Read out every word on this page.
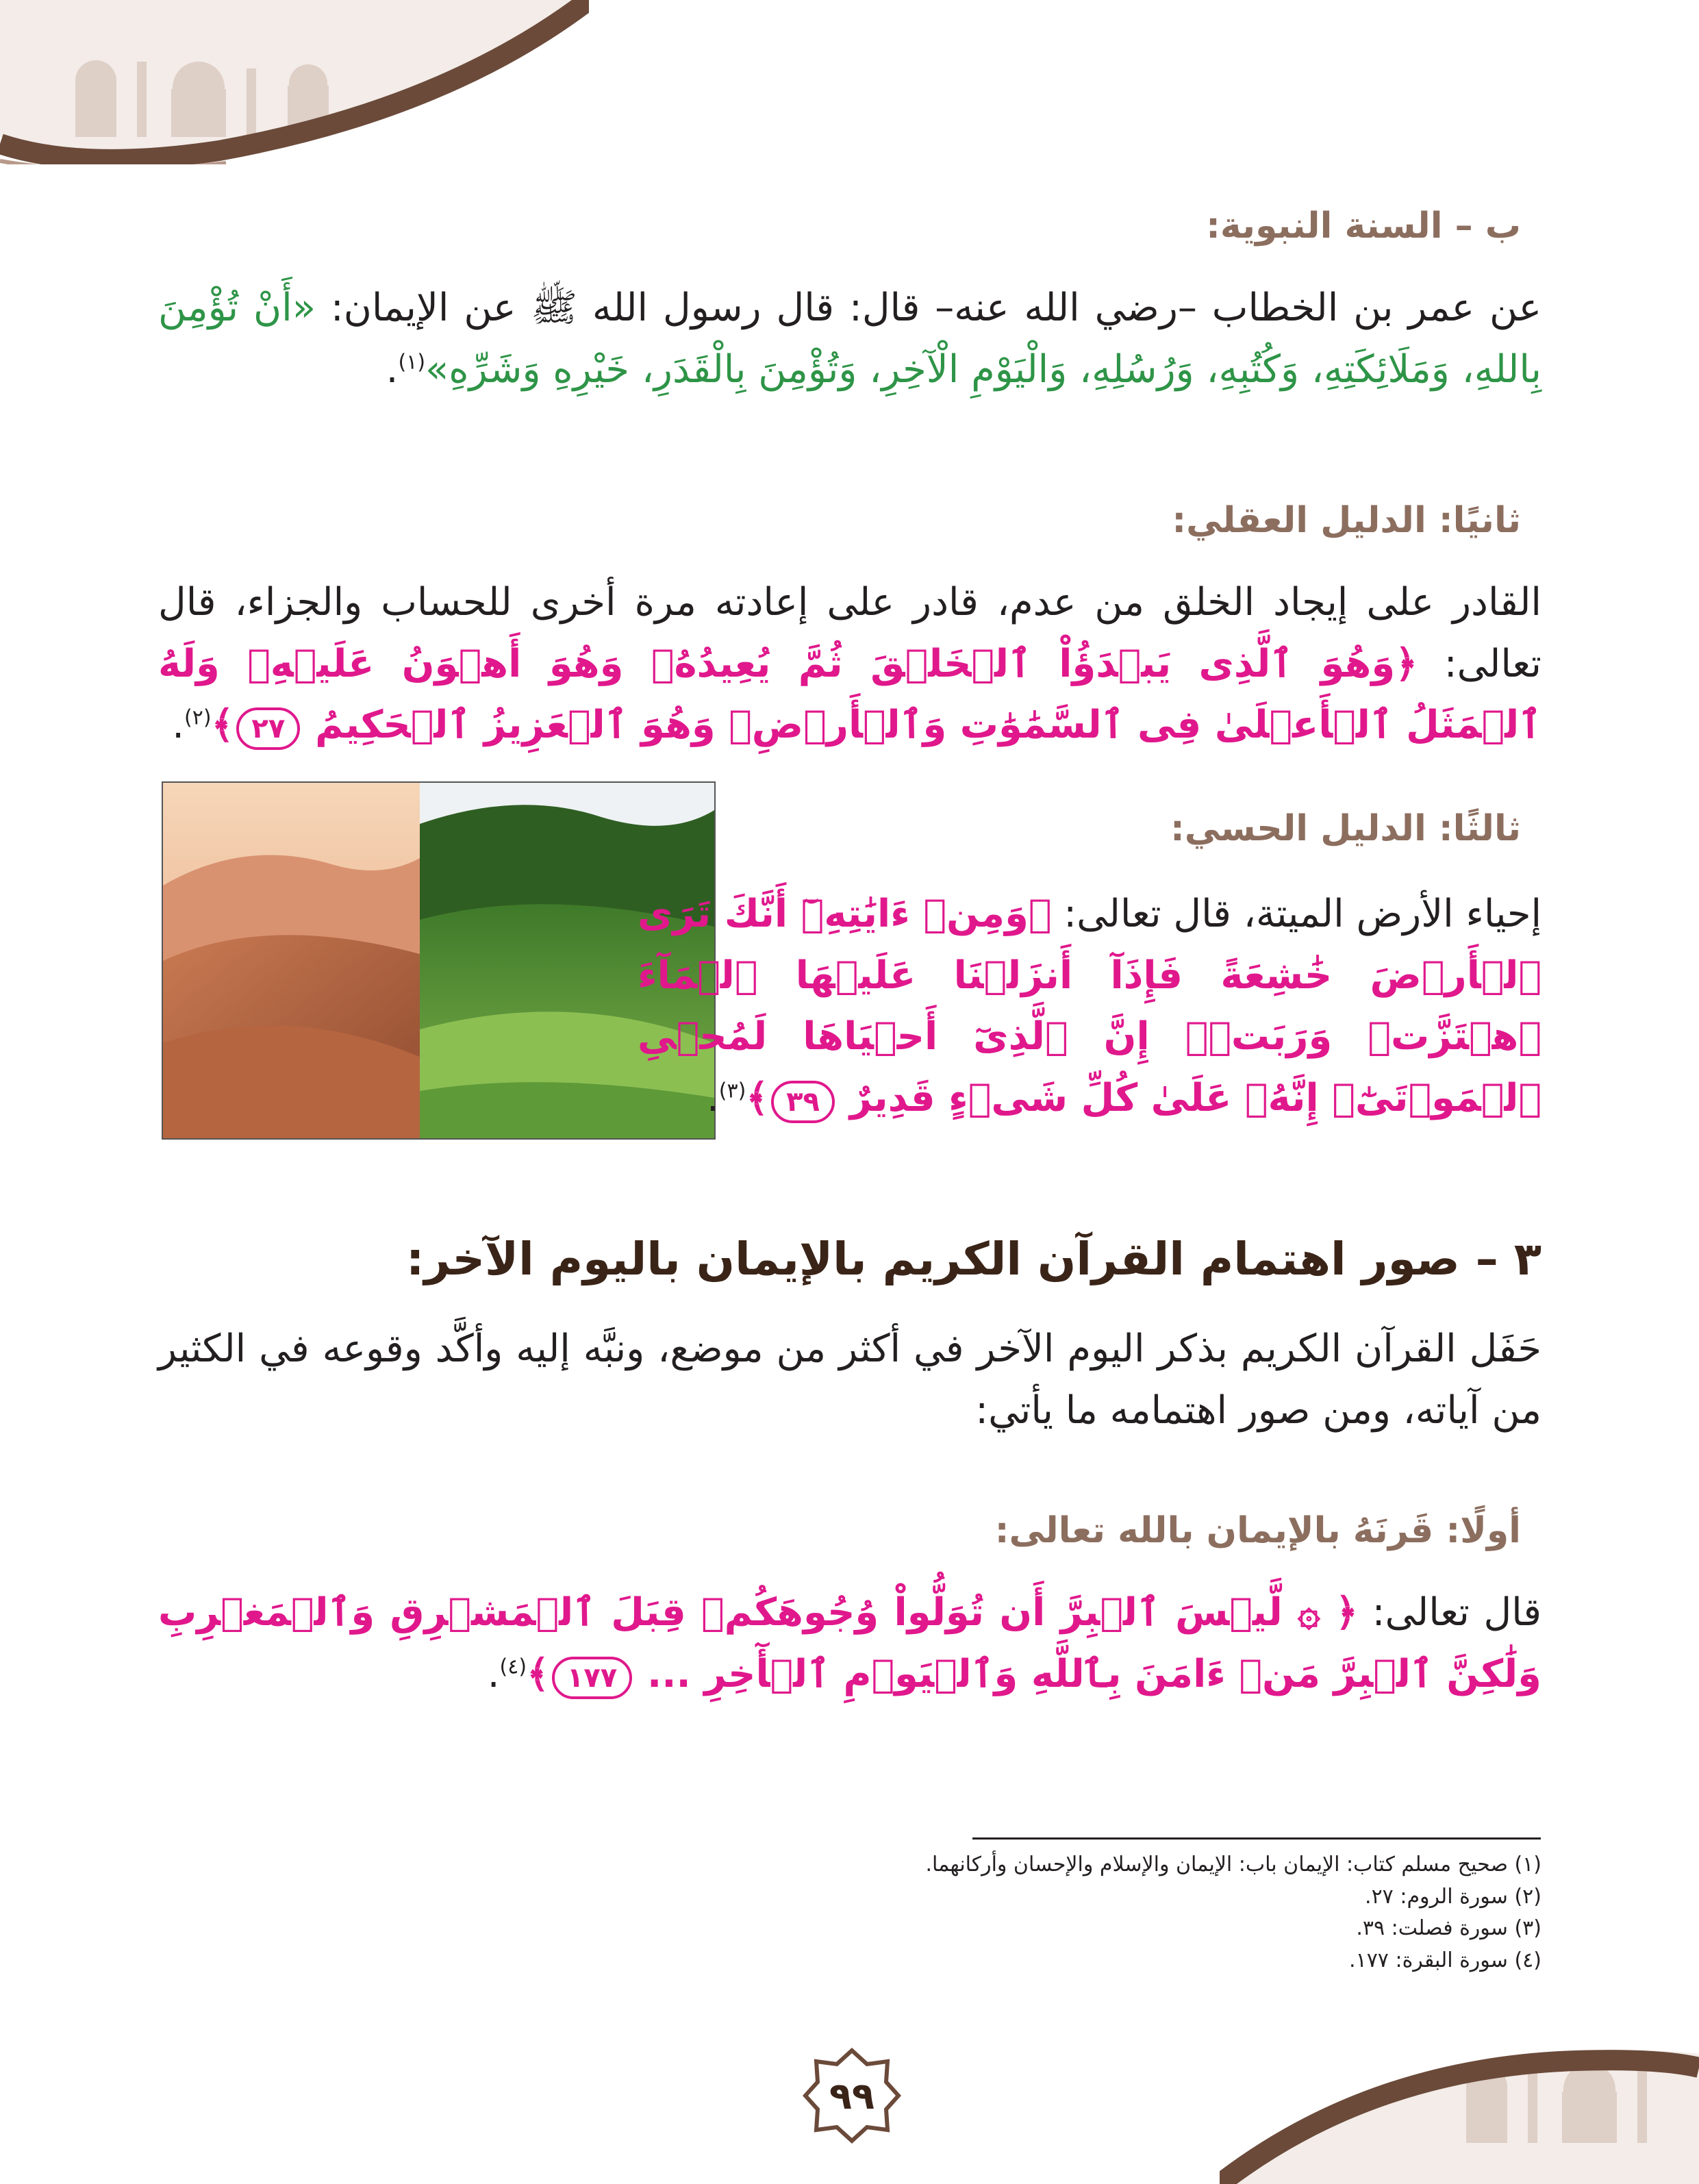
ب – السنة النبوية:

عن عمر بن الخطاب –رضي الله عنه– قال: قال رسول الله ﷺ عن الإيمان: «أَنْ تُؤْمِنَ بِاللهِ، وَمَلَائِكَتِهِ، وَكُتُبِهِ، وَرُسُلِهِ، وَالْيَوْمِ الْآخِرِ، وَتُؤْمِنَ بِالْقَدَرِ، خَيْرِهِ وَشَرِّهِ»$^{(١)}$.

ثانيًا: الدليل العقلي:

القادر على إيجاد الخلق من عدم، قادر على إعادته مرة أخرى للحساب والجزاء، قال تعالى: ﴿وَهُوَ ٱلَّذِى يَبۡدَؤُاْ ٱلۡخَلۡقَ ثُمَّ يُعِيدُهُۥ وَهُوَ أَهۡوَنُ عَلَيۡهِۚ وَلَهُ ٱلۡمَثَلُ ٱلۡأَعۡلَىٰ فِى ٱلسَّمَٰوَٰتِ وَٱلۡأَرۡضِۚ وَهُوَ ٱلۡعَزِيزُ ٱلۡحَكِيمُ ٢٧﴾$^{(٢)}$.

ثالثًا: الدليل الحسي:

إحياء الأرض الميتة، قال تعالى: ﴿وَمِنۡ ءَايَٰتِهِۦٓ أَنَّكَ تَرَى ٱلۡأَرۡضَ خَٰشِعَةً فَإِذَآ أَنزَلۡنَا عَلَيۡهَا ٱلۡمَآءَ ٱهۡتَزَّتۡ وَرَبَتۡۚ إِنَّ ٱلَّذِىٓ أَحۡيَاهَا لَمُحۡىِ ٱلۡمَوۡتَىٰٓۚ إِنَّهُۥ عَلَىٰ كُلِّ شَىۡءٍ قَدِيرٌ ٣٩﴾$^{(٣)}$.

٣ – صور اهتمام القرآن الكريم بالإيمان باليوم الآخر:

حَفَل القرآن الكريم بذكر اليوم الآخر في أكثر من موضع، ونبَّه إليه وأكَّد وقوعه في الكثير من آياته، ومن صور اهتمامه ما يأتي:

أولًا: قَرنَهُ بالإيمان بالله تعالى:

قال تعالى: ﴿ ۞ لَّيۡسَ ٱلۡبِرَّ أَن تُوَلُّواْ وُجُوهَكُمۡ قِبَلَ ٱلۡمَشۡرِقِ وَٱلۡمَغۡرِبِ وَلَٰكِنَّ ٱلۡبِرَّ مَنۡ ءَامَنَ بِٱللَّهِ وَٱلۡيَوۡمِ ٱلۡأٓخِرِ ... ١٧٧﴾$^{(٤)}$.

(١) صحيح مسلم كتاب: الإيمان باب: الإيمان والإسلام والإحسان وأركانهما.
(٢) سورة الروم: ٢٧.
(٣) سورة فصلت: ٣٩.
(٤) سورة البقرة: ١٧٧.
٩٩
